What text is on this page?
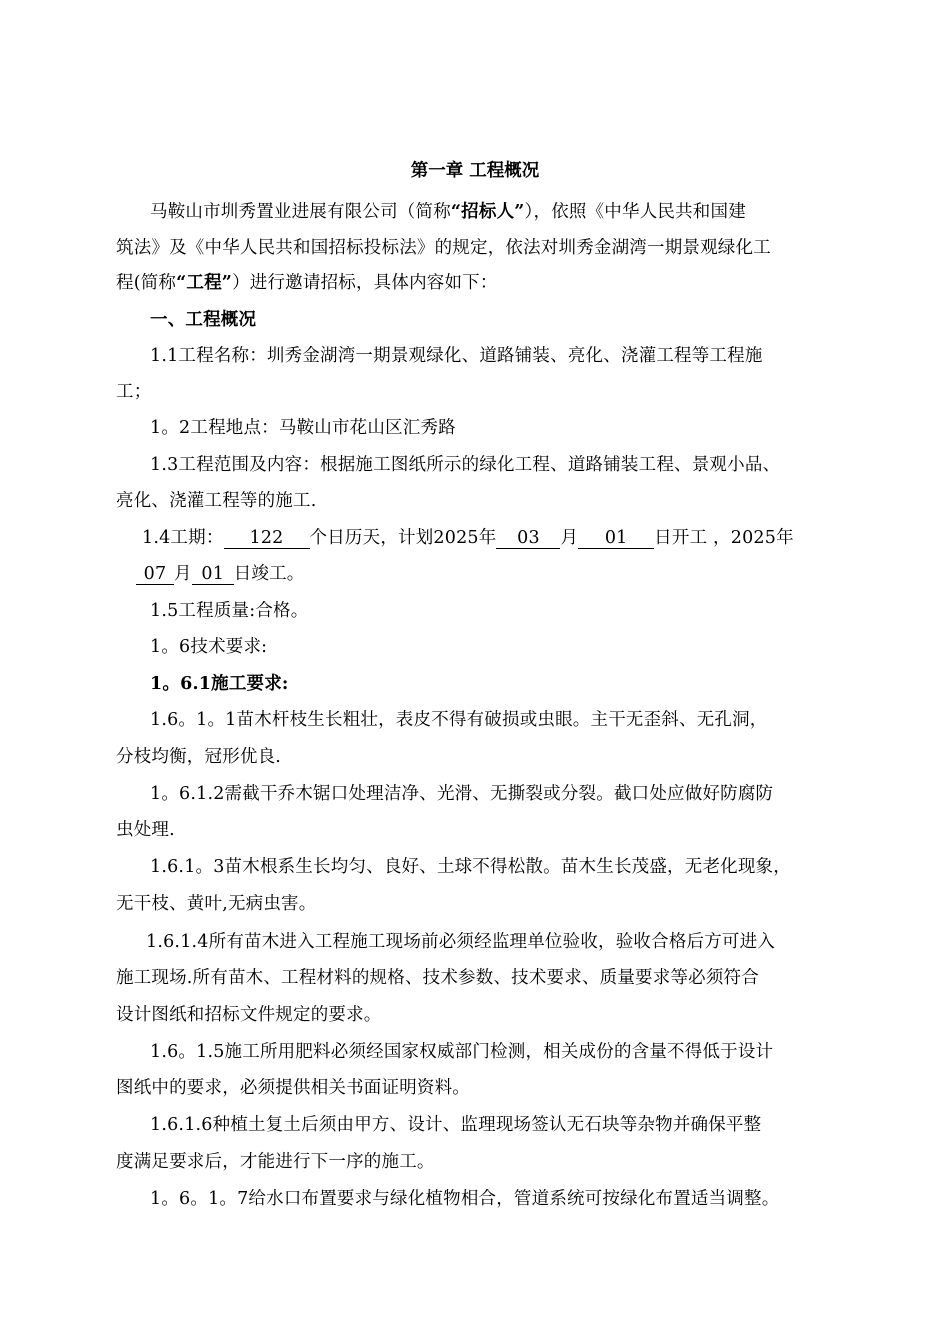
第一章 工程概况
马鞍山市圳秀置业进展有限公司（简称“招标人”），依照《中华人民共和国建
筑法》及《中华人民共和国招标投标法》的规定，依法对圳秀金湖湾一期景观绿化工
程(简称“工程”）进行邀请招标，具体内容如下：
一、工程概况
1.1工程名称：圳秀金湖湾一期景观绿化、道路铺装、亮化、浇灌工程等工程施
工；
1。2工程地点：马鞍山市花山区汇秀路
1.3工程范围及内容：根据施工图纸所示的绿化工程、道路铺装工程、景观小品、
亮化、浇灌工程等的施工.
1.4工期： 122 个日历天，计划2025年 03 月 01 日开工 ，2025年
07 月 01 日竣工。
1.5工程质量:合格。
1。6技术要求:
1。6.1施工要求:
1.6。1。1苗木杆枝生长粗壮，表皮不得有破损或虫眼。主干无歪斜、无孔洞，
分枝均衡，冠形优良.
1。6.1.2需截干乔木锯口处理洁净、光滑、无撕裂或分裂。截口处应做好防腐防
虫处理.
1.6.1。3苗木根系生长均匀、良好、土球不得松散。苗木生长茂盛，无老化现象，
无干枝、黄叶,无病虫害。
1.6.1.4所有苗木进入工程施工现场前必须经监理单位验收，验收合格后方可进入
施工现场.所有苗木、工程材料的规格、技术参数、技术要求、质量要求等必须符合
设计图纸和招标文件规定的要求。
1.6。1.5施工所用肥料必须经国家权威部门检测，相关成份的含量不得低于设计
图纸中的要求，必须提供相关书面证明资料。
1.6.1.6种植土复土后须由甲方、设计、监理现场签认无石块等杂物并确保平整
度满足要求后，才能进行下一序的施工。
1。6。1。7给水口布置要求与绿化植物相合，管道系统可按绿化布置适当调整。
